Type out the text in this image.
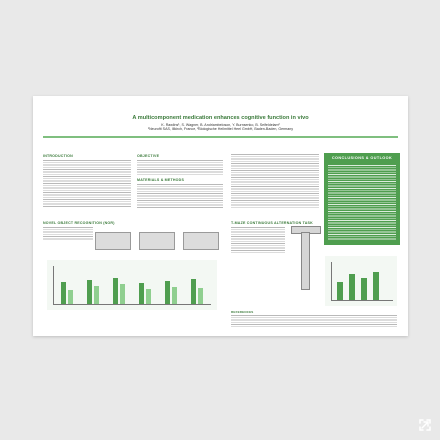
A multicomponent medication enhances cognitive function in vivo
K. Rawlins¹, S. Wagner, B. Andriambeloson, Y. Burnsenko, B. Seifeldelam²
¹Neurofit SAS, Illkirch, France, ²Biologische Heilmittel Heel GmbH, Baden-Baden, Germany
INTRODUCTION	OBJECTIVE
MATERIALS & METHODS
CONCLUSIONS & OUTLOOK
NOVEL OBJECT RECOGNITION (NOR)	T-MAZE CONTINUOUS ALTERNATION TASK
REFERENCES
